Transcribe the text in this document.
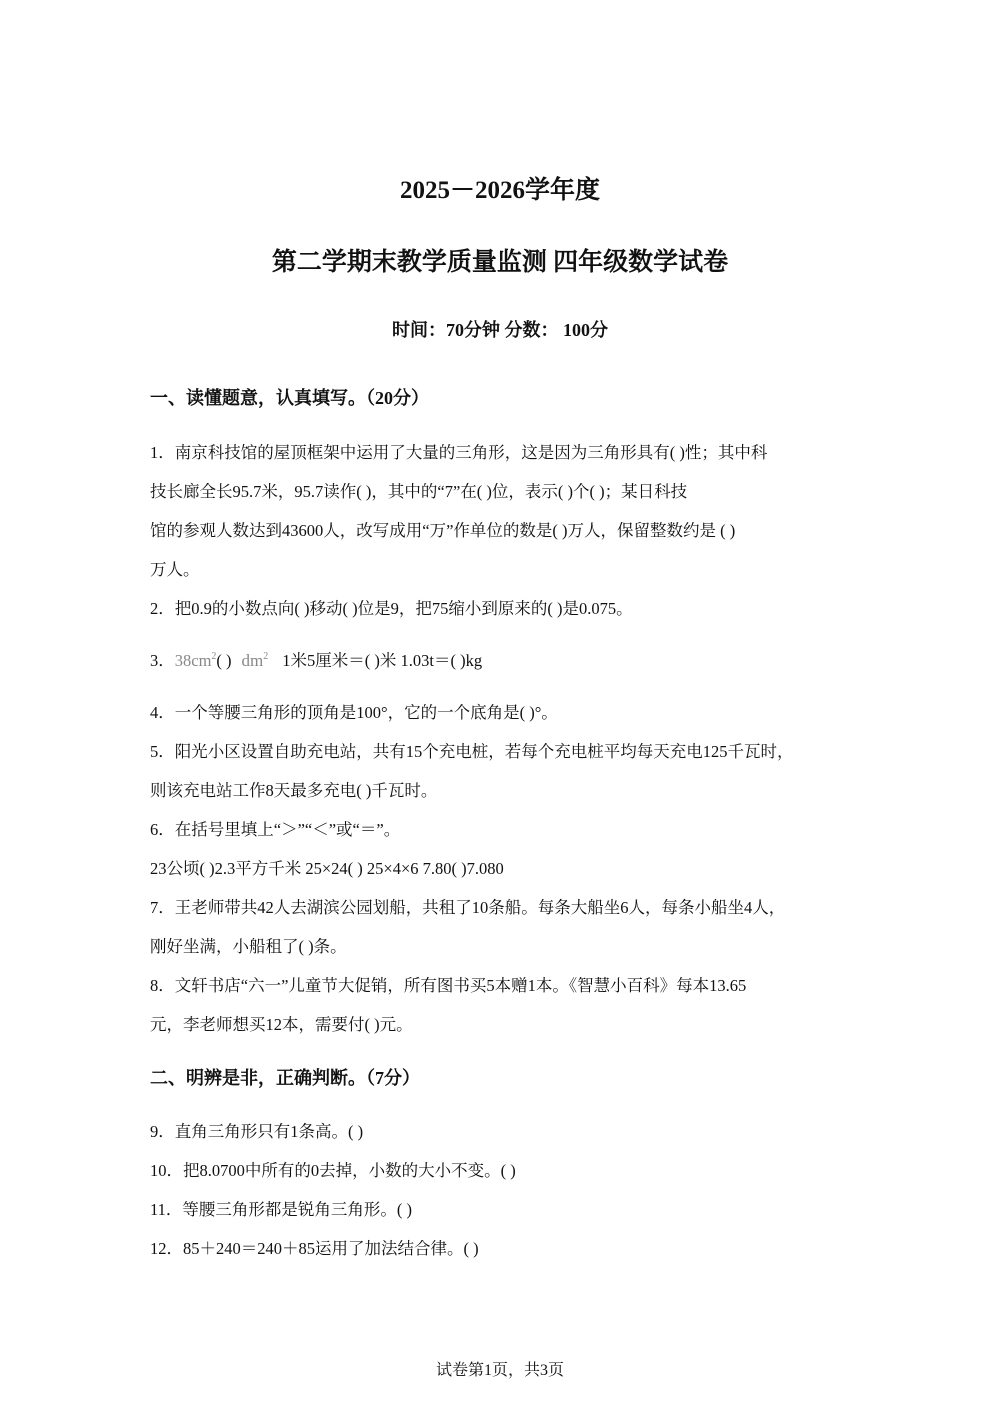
2025－2026学年度
第二学期末教学质量监测 四年级数学试卷
时间：70分钟 分数： 100分
一、读懂题意，认真填写。（20分）
1．南京科技馆的屋顶框架中运用了大量的三角形，这是因为三角形具有( )性；其中科
技长廊全长95.7米，95.7读作( )，其中的“7”在( )位，表示( )个( )；某日科技
馆的参观人数达到43600人，改写成用“万”作单位的数是( )万人，保留整数约是 ( )
万人。
2．把0.9的小数点向( )移动( )位是9，把75缩小到原来的( )是0.075。
3．$38cm^2$( ) $dm^2$ 1米5厘米＝( )米 1.03t＝( )kg
4．一个等腰三角形的顶角是100°，它的一个底角是( )°。
5．阳光小区设置自助充电站，共有15个充电桩，若每个充电桩平均每天充电125千瓦时，
则该充电站工作8天最多充电( )千瓦时。
6．在括号里填上“＞”“＜”或“＝”。
23公顷( )2.3平方千米 25×24( ) 25×4×6 7.80( )7.080
7．王老师带共42人去湖滨公园划船，共租了10条船。每条大船坐6人，每条小船坐4人，
刚好坐满，小船租了( )条。
8．文轩书店“六一”儿童节大促销，所有图书买5本赠1本。《智慧小百科》每本13.65
元，李老师想买12本，需要付( )元。
二、明辨是非，正确判断。（7分）
9．直角三角形只有1条高。( )
10．把8.0700中所有的0去掉，小数的大小不变。( )
11．等腰三角形都是锐角三角形。( )
12．85＋240＝240＋85运用了加法结合律。( )
试卷第1页，共3页
